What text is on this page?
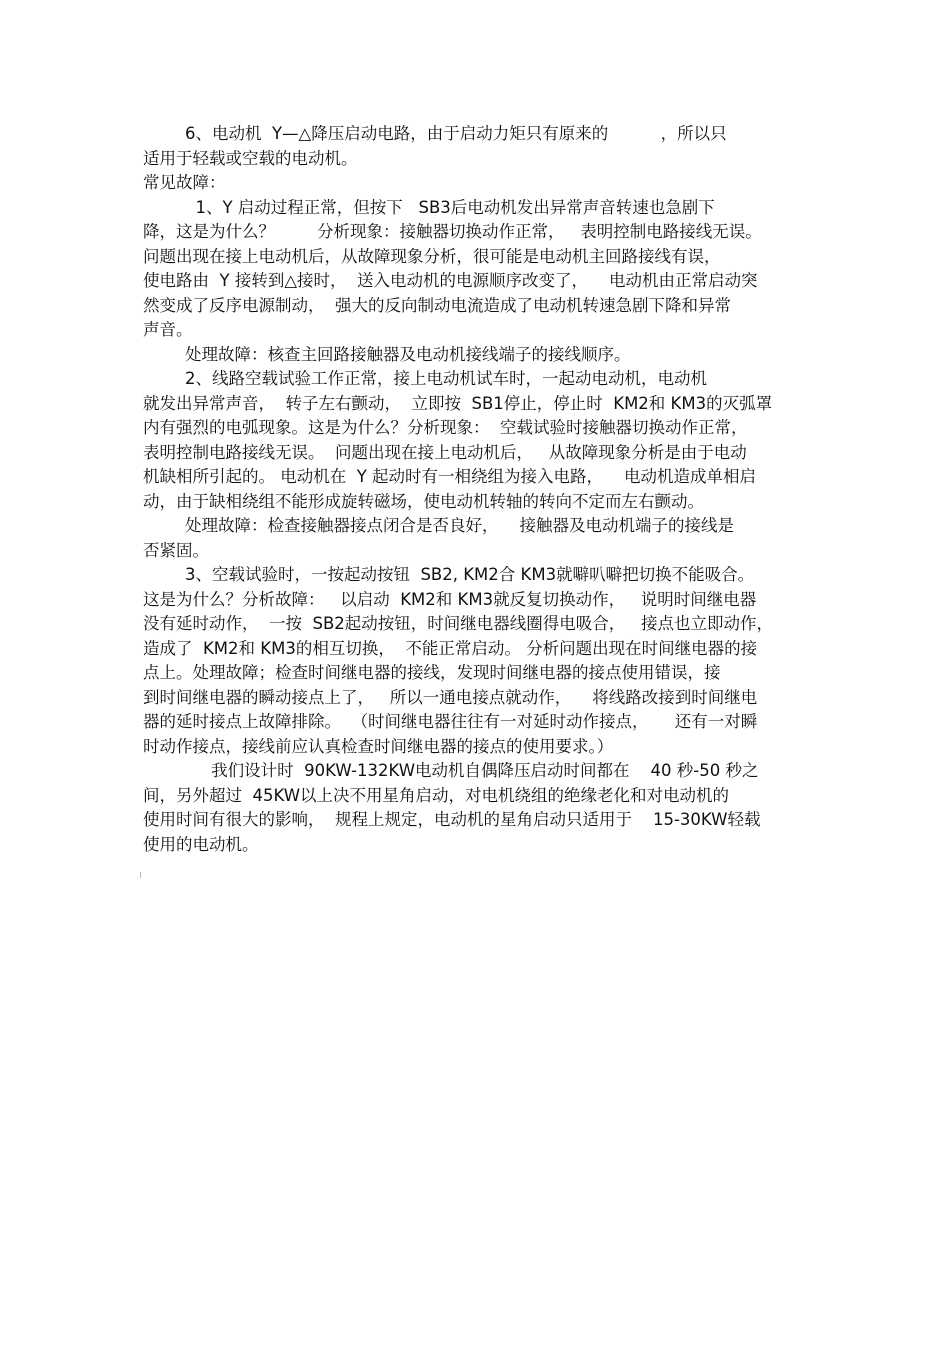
6、电动机  Y—△降压启动电路，由于启动力矩只有原来的          ，所以只
适用于轻载或空载的电动机。
常见故障：
1、Y 启动过程正常，但按下   SB3后电动机发出异常声音转速也急剧下
降，这是为什么？        分析现象：接触器切换动作正常，   表明控制电路接线无误。
问题出现在接上电动机后，从故障现象分析，很可能是电动机主回路接线有误，
使电路由  Y 接转到△接时，  送入电动机的电源顺序改变了，    电动机由正常启动突
然变成了反序电源制动，  强大的反向制动电流造成了电动机转速急剧下降和异常
声音。
处理故障：核查主回路接触器及电动机接线端子的接线顺序。
2、线路空载试验工作正常，接上电动机试车时，一起动电动机，电动机
就发出异常声音，  转子左右颤动，  立即按  SB1停止，停止时  KM2和 KM3的灭弧罩
内有强烈的电弧现象。这是为什么？分析现象：  空载试验时接触器切换动作正常，
表明控制电路接线无误。  问题出现在接上电动机后，   从故障现象分析是由于电动
机缺相所引起的。 电动机在  Y 起动时有一相绕组为接入电路，    电动机造成单相启
动，由于缺相绕组不能形成旋转磁场，使电动机转轴的转向不定而左右颤动。
处理故障：检查接触器接点闭合是否良好，    接触器及电动机端子的接线是
否紧固。
3、空载试验时，一按起动按钮  SB2, KM2合 KM3就噼叭噼把切换不能吸合。
这是为什么？分析故障：   以启动  KM2和 KM3就反复切换动作，   说明时间继电器
没有延时动作，  一按  SB2起动按钮，时间继电器线圈得电吸合，   接点也立即动作，
造成了  KM2和 KM3的相互切换，  不能正常启动。 分析问题出现在时间继电器的接
点上。处理故障；检查时间继电器的接线，发现时间继电器的接点使用错误，接
到时间继电器的瞬动接点上了，   所以一通电接点就动作，    将线路改接到时间继电
器的延时接点上故障排除。  （时间继电器往往有一对延时动作接点，     还有一对瞬
时动作接点，接线前应认真检查时间继电器的接点的使用要求。）
我们设计时  90KW-132KW电动机自偶降压启动时间都在    40 秒-50 秒之
间，另外超过  45KW以上决不用星角启动，对电机绕组的绝缘老化和对电动机的
使用时间有很大的影响，  规程上规定，电动机的星角启动只适用于    15-30KW轻载
使用的电动机。
